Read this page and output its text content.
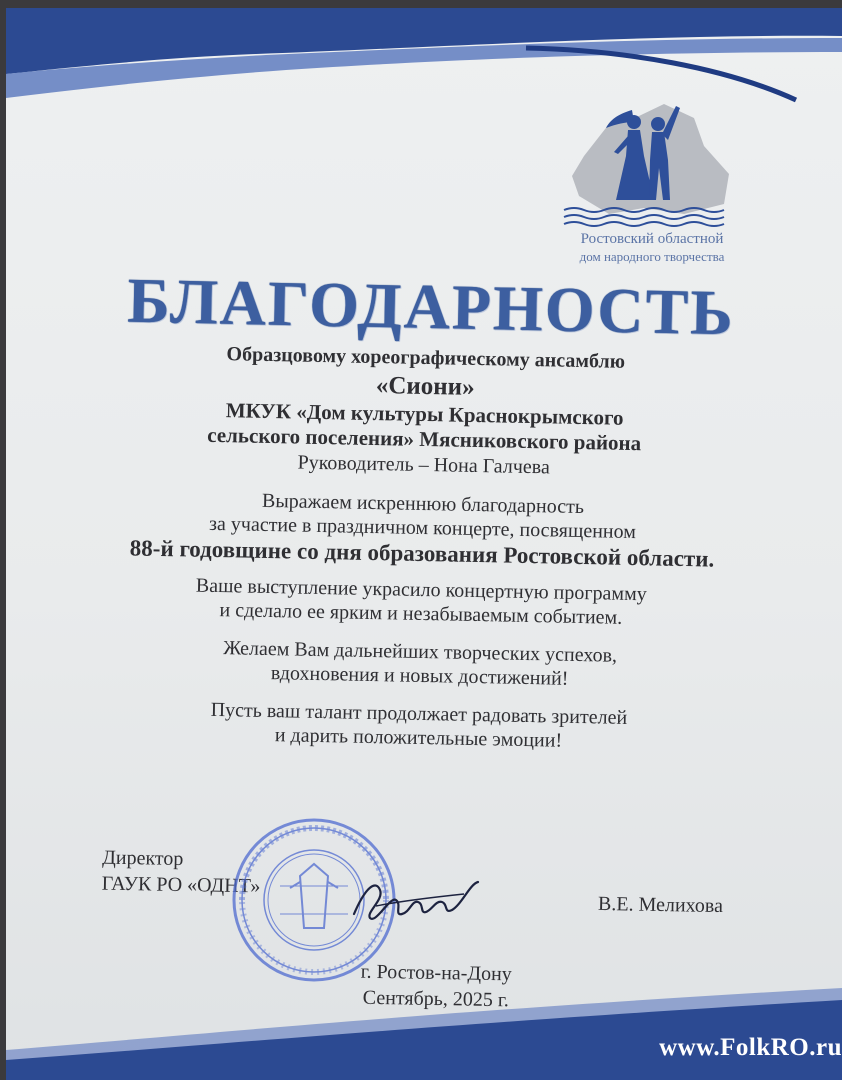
Ростовский областной
дом народного творчества
БЛАГОДАРНОСТЬ
Образцовому хореографическому ансамблю
«Сиони»
МКУК «Дом культуры Краснокрымского
сельского поселения» Мясниковского района
Руководитель – Нона Галчева
Выражаем искреннюю благодарность
за участие в праздничном концерте, посвященном
88-й годовщине со дня образования Ростовской области.
Ваше выступление украсило концертную программу
и сделало ее ярким и незабываемым событием.
Желаем Вам дальнейших творческих успехов,
вдохновения и новых достижений!
Пусть ваш талант продолжает радовать зрителей
и дарить положительные эмоции!
Директор
ГАУК РО «ОДНТ»
В.Е. Мелихова
г. Ростов-на-Дону
Сентябрь, 2025 г.
www.FolkRO.ru
